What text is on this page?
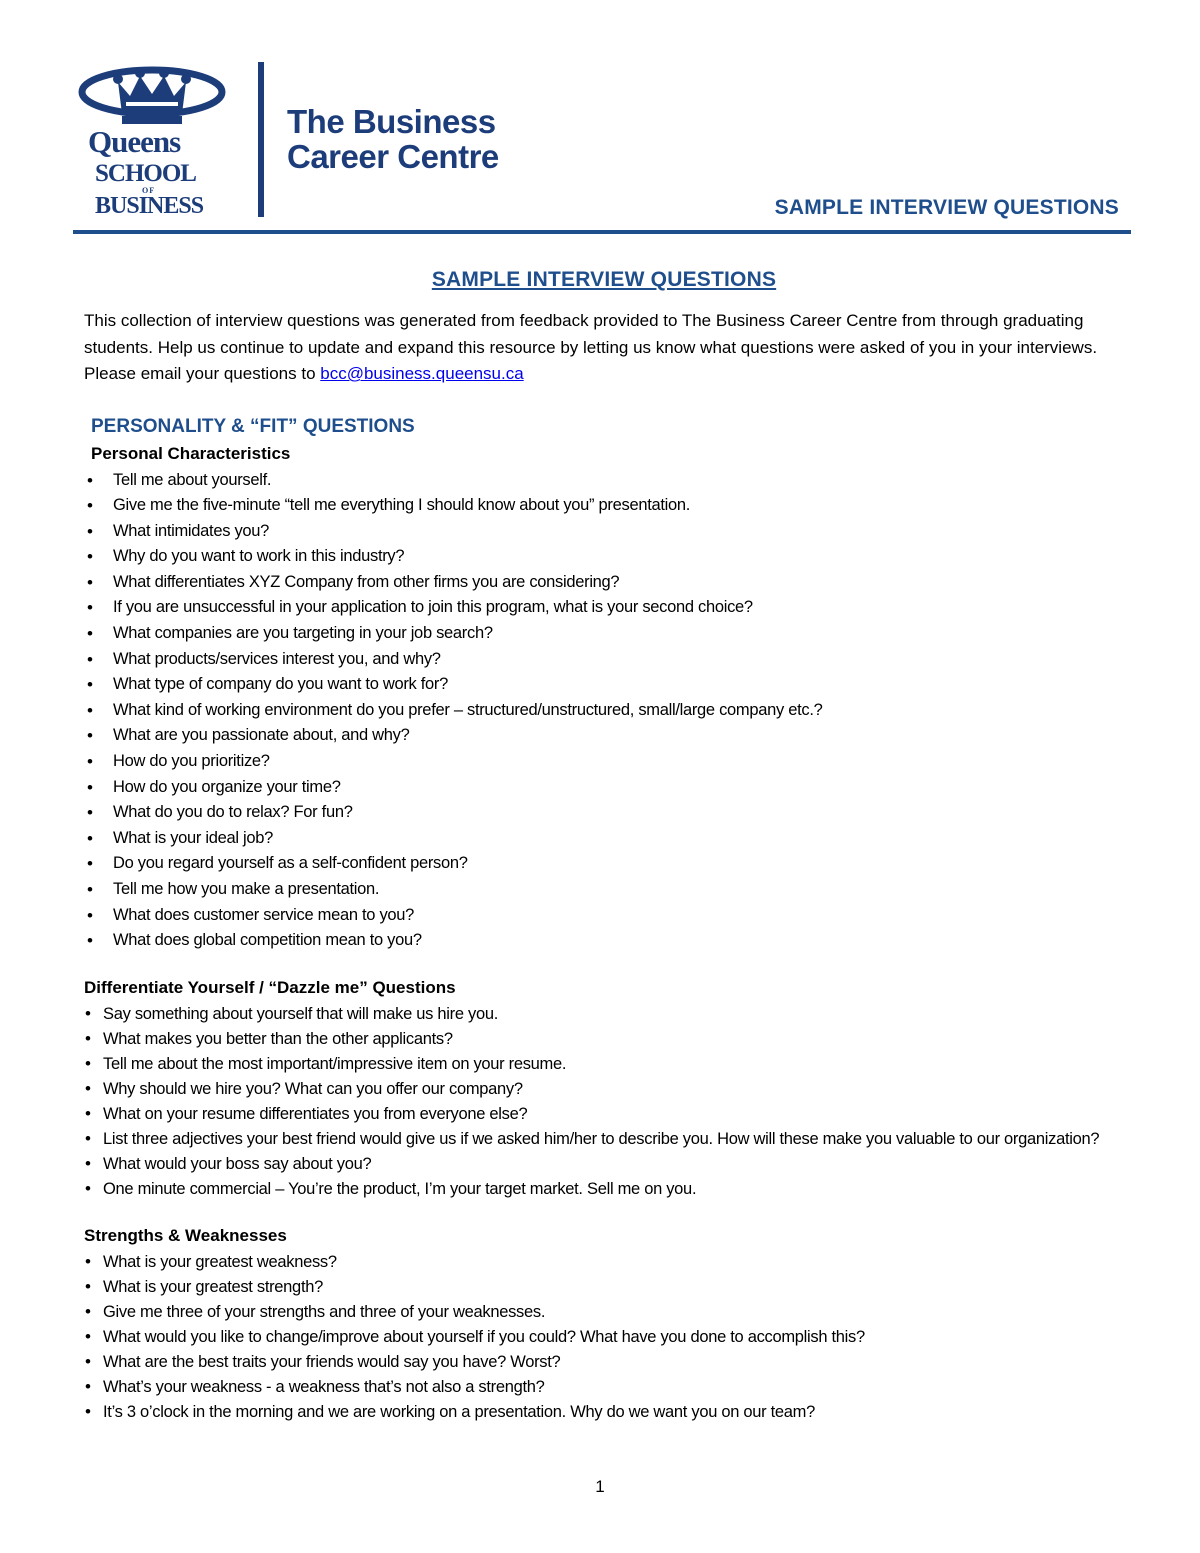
Queens
SCHOOL
OF
BUSINESS
The Business
Career Centre
SAMPLE INTERVIEW QUESTIONS
SAMPLE INTERVIEW QUESTIONS

This collection of interview questions was generated from feedback provided to The Business Career Centre from through graduating students. Help us continue to update and expand this resource by letting us know what questions were asked of you in your interviews. Please email your questions to bcc@business.queensu.ca

PERSONALITY & “FIT” QUESTIONS
Personal Characteristics
• Tell me about yourself.
• Give me the five-minute “tell me everything I should know about you” presentation.
• What intimidates you?
• Why do you want to work in this industry?
• What differentiates XYZ Company from other firms you are considering?
• If you are unsuccessful in your application to join this program, what is your second choice?
• What companies are you targeting in your job search?
• What products/services interest you, and why?
• What type of company do you want to work for?
• What kind of working environment do you prefer – structured/unstructured, small/large company etc.?
• What are you passionate about, and why?
• How do you prioritize?
• How do you organize your time?
• What do you do to relax? For fun?
• What is your ideal job?
• Do you regard yourself as a self-confident person?
• Tell me how you make a presentation.
• What does customer service mean to you?
• What does global competition mean to you?
Differentiate Yourself / “Dazzle me” Questions
• Say something about yourself that will make us hire you.
• What makes you better than the other applicants?
• Tell me about the most important/impressive item on your resume.
• Why should we hire you? What can you offer our company?
• What on your resume differentiates you from everyone else?
• List three adjectives your best friend would give us if we asked him/her to describe you. How will these make you valuable to our organization?
• What would your boss say about you?
• One minute commercial – You’re the product, I’m your target market. Sell me on you.
Strengths & Weaknesses
• What is your greatest weakness?
• What is your greatest strength?
• Give me three of your strengths and three of your weaknesses.
• What would you like to change/improve about yourself if you could? What have you done to accomplish this?
• What are the best traits your friends would say you have? Worst?
• What’s your weakness - a weakness that’s not also a strength?
• It’s 3 o’clock in the morning and we are working on a presentation. Why do we want you on our team?
1
